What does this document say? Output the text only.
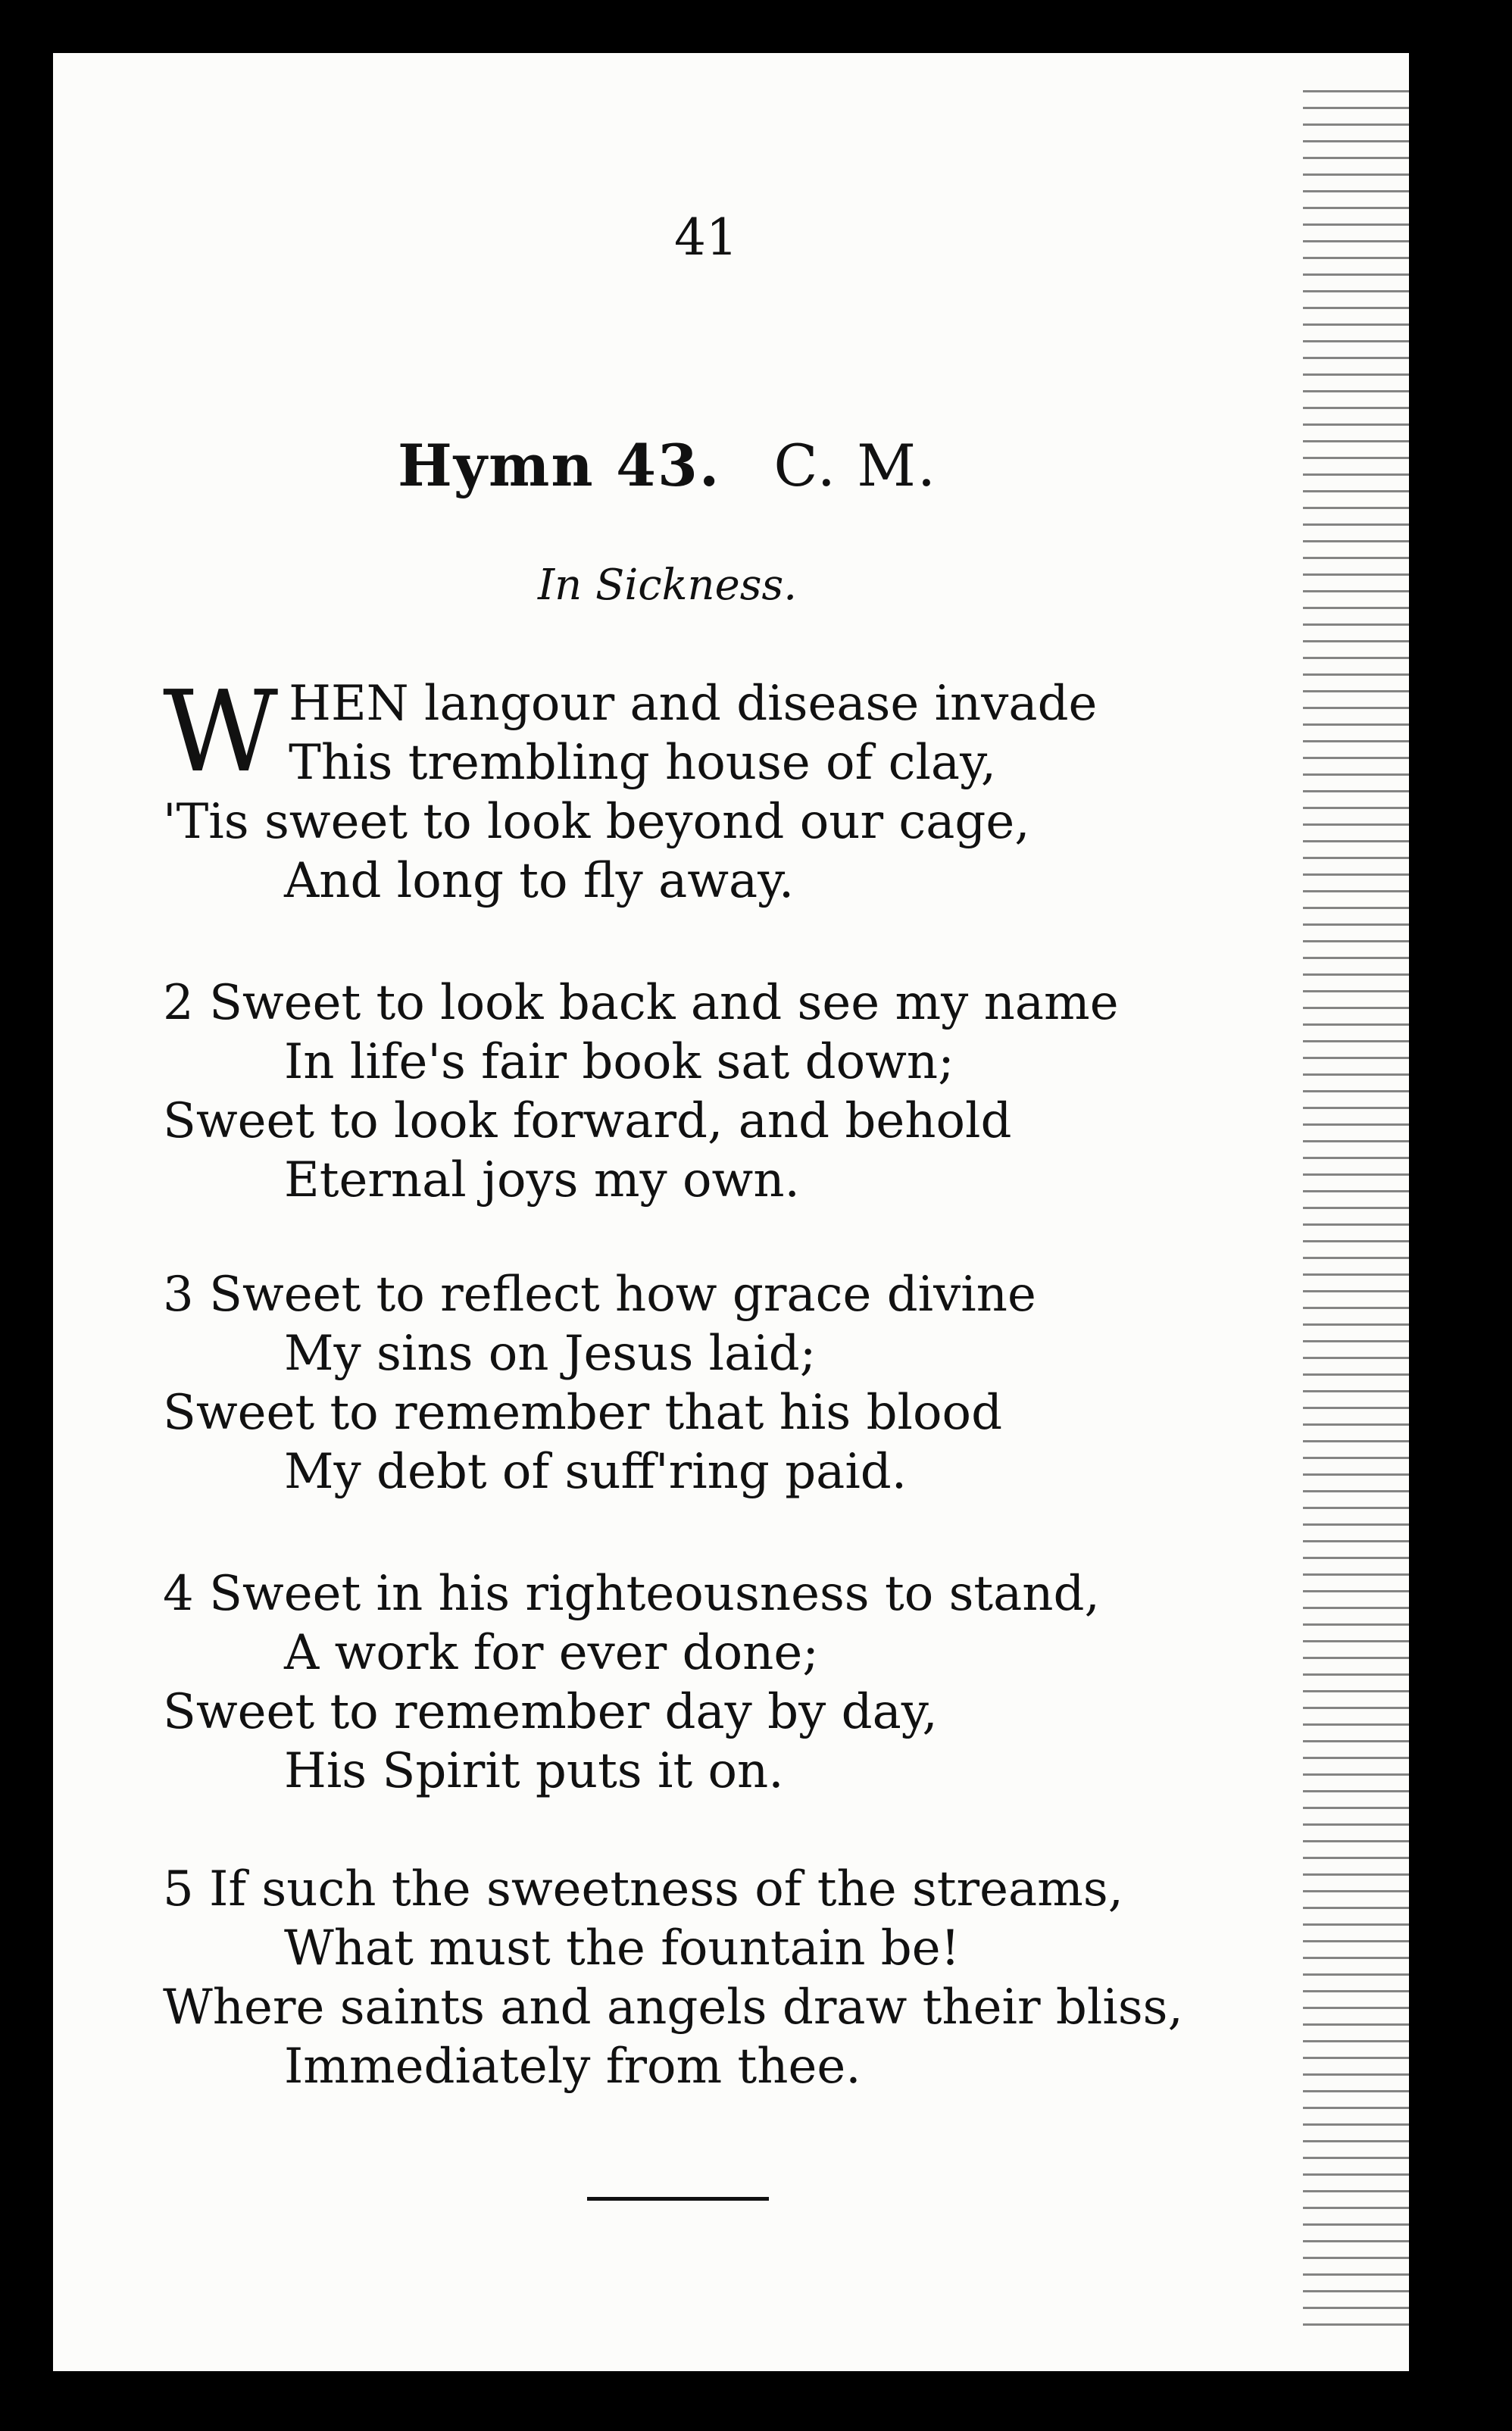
41
Hymn 43. C. M.
In Sickness.
W HEN langour and disease invade
This trembling house of clay,
'Tis sweet to look beyond our cage,
And long to fly away.
2 Sweet to look back and see my name
In life's fair book sat down;
Sweet to look forward, and behold
Eternal joys my own.
3 Sweet to reflect how grace divine
My sins on Jesus laid;
Sweet to remember that his blood
My debt of suff'ring paid.
4 Sweet in his righteousness to stand,
A work for ever done;
Sweet to remember day by day,
His Spirit puts it on.
5 If such the sweetness of the streams,
What must the fountain be!
Where saints and angels draw their bliss,
Immediately from thee.
